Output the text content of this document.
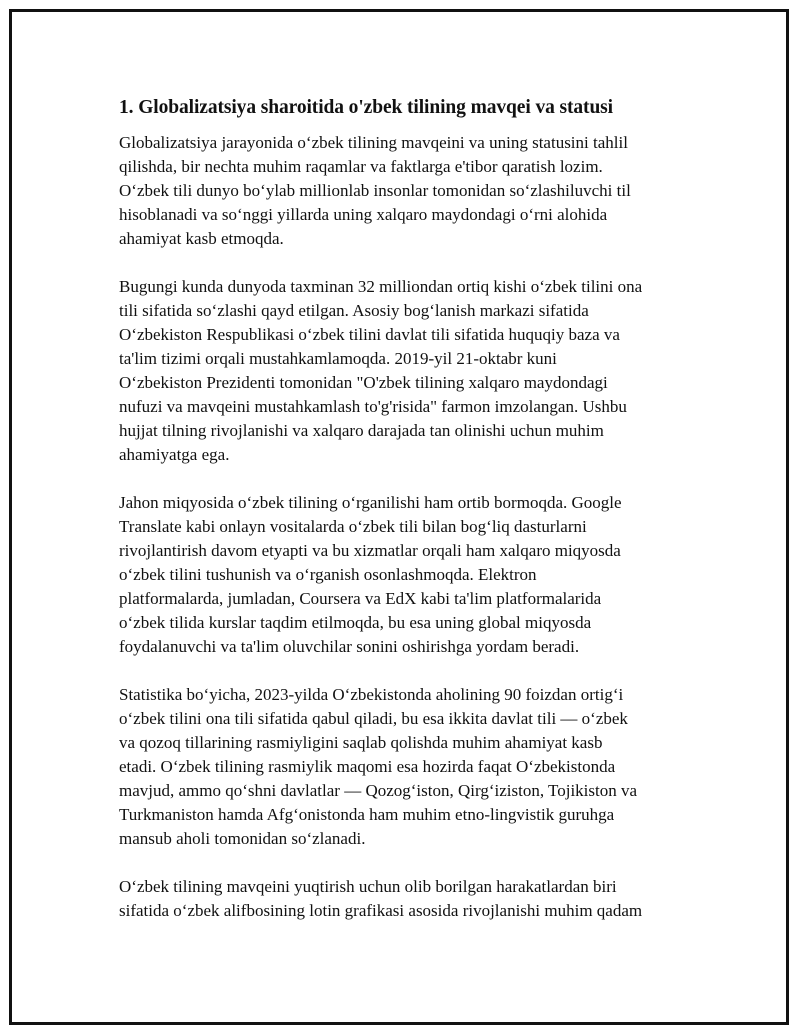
1. Globalizatsiya sharoitida o'zbek tilining mavqei va statusi
Globalizatsiya jarayonida o‘zbek tilining mavqeini va uning statusini tahlil
qilishda, bir nechta muhim raqamlar va faktlarga e'tibor qaratish lozim.
O‘zbek tili dunyo bo‘ylab millionlab insonlar tomonidan so‘zlashiluvchi til
hisoblanadi va so‘nggi yillarda uning xalqaro maydondagi o‘rni alohida
ahamiyat kasb etmoqda.
Bugungi kunda dunyoda taxminan 32 milliondan ortiq kishi o‘zbek tilini ona
tili sifatida so‘zlashi qayd etilgan. Asosiy bog‘lanish markazi sifatida
O‘zbekiston Respublikasi o‘zbek tilini davlat tili sifatida huquqiy baza va
ta'lim tizimi orqali mustahkamlamoqda. 2019-yil 21-oktabr kuni
O‘zbekiston Prezidenti tomonidan "O'zbek tilining xalqaro maydondagi
nufuzi va mavqeini mustahkamlash to'g'risida" farmon imzolangan. Ushbu
hujjat tilning rivojlanishi va xalqaro darajada tan olinishi uchun muhim
ahamiyatga ega.
Jahon miqyosida o‘zbek tilining o‘rganilishi ham ortib bormoqda. Google
Translate kabi onlayn vositalarda o‘zbek tili bilan bog‘liq dasturlarni
rivojlantirish davom etyapti va bu xizmatlar orqali ham xalqaro miqyosda
o‘zbek tilini tushunish va o‘rganish osonlashmoqda. Elektron
platformalarda, jumladan, Coursera va EdX kabi ta'lim platformalarida
o‘zbek tilida kurslar taqdim etilmoqda, bu esa uning global miqyosda
foydalanuvchi va ta'lim oluvchilar sonini oshirishga yordam beradi.
Statistika bo‘yicha, 2023-yilda O‘zbekistonda aholining 90 foizdan ortig‘i
o‘zbek tilini ona tili sifatida qabul qiladi, bu esa ikkita davlat tili — o‘zbek
va qozoq tillarining rasmiyligini saqlab qolishda muhim ahamiyat kasb
etadi. O‘zbek tilining rasmiylik maqomi esa hozirda faqat O‘zbekistonda
mavjud, ammo qo‘shni davlatlar — Qozog‘iston, Qirg‘iziston, Tojikiston va
Turkmaniston hamda Afg‘onistonda ham muhim etno-lingvistik guruhga
mansub aholi tomonidan so‘zlanadi.
O‘zbek tilining mavqeini yuqtirish uchun olib borilgan harakatlardan biri
sifatida o‘zbek alifbosining lotin grafikasi asosida rivojlanishi muhim qadam
